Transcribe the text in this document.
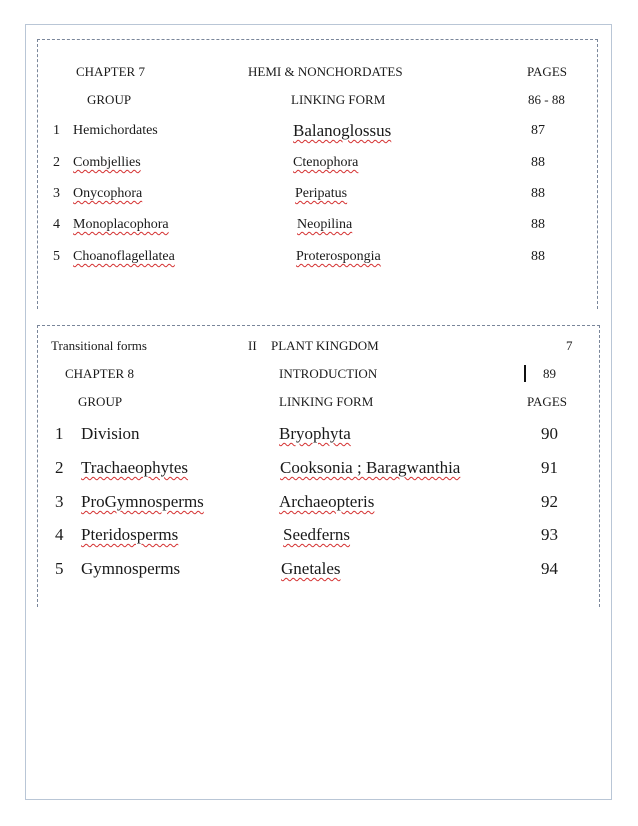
CHAPTER 7	HEMI & NONCHORDATES	PAGES
GROUP	LINKING FORM	86 - 88
1 Hemichordates	Balanoglossus	87
2 Combjellies	Ctenophora	88
3 Onycophora	Peripatus	88
4 Monoplacophora	Neopilina	88
5 Choanoflagellatea	Proterospongia	88
Transitional forms	II PLANT KINGDOM	7
CHAPTER 8	INTRODUCTION	89
GROUP	LINKING FORM	PAGES
1 Division	Bryophyta	90
2 Trachaeophytes	Cooksonia ; Baragwanthia	91
3 ProGymnosperms	Archaeopteris	92
4 Pteridosperms	Seedferns	93
5 Gymnosperms	Gnetales	94
